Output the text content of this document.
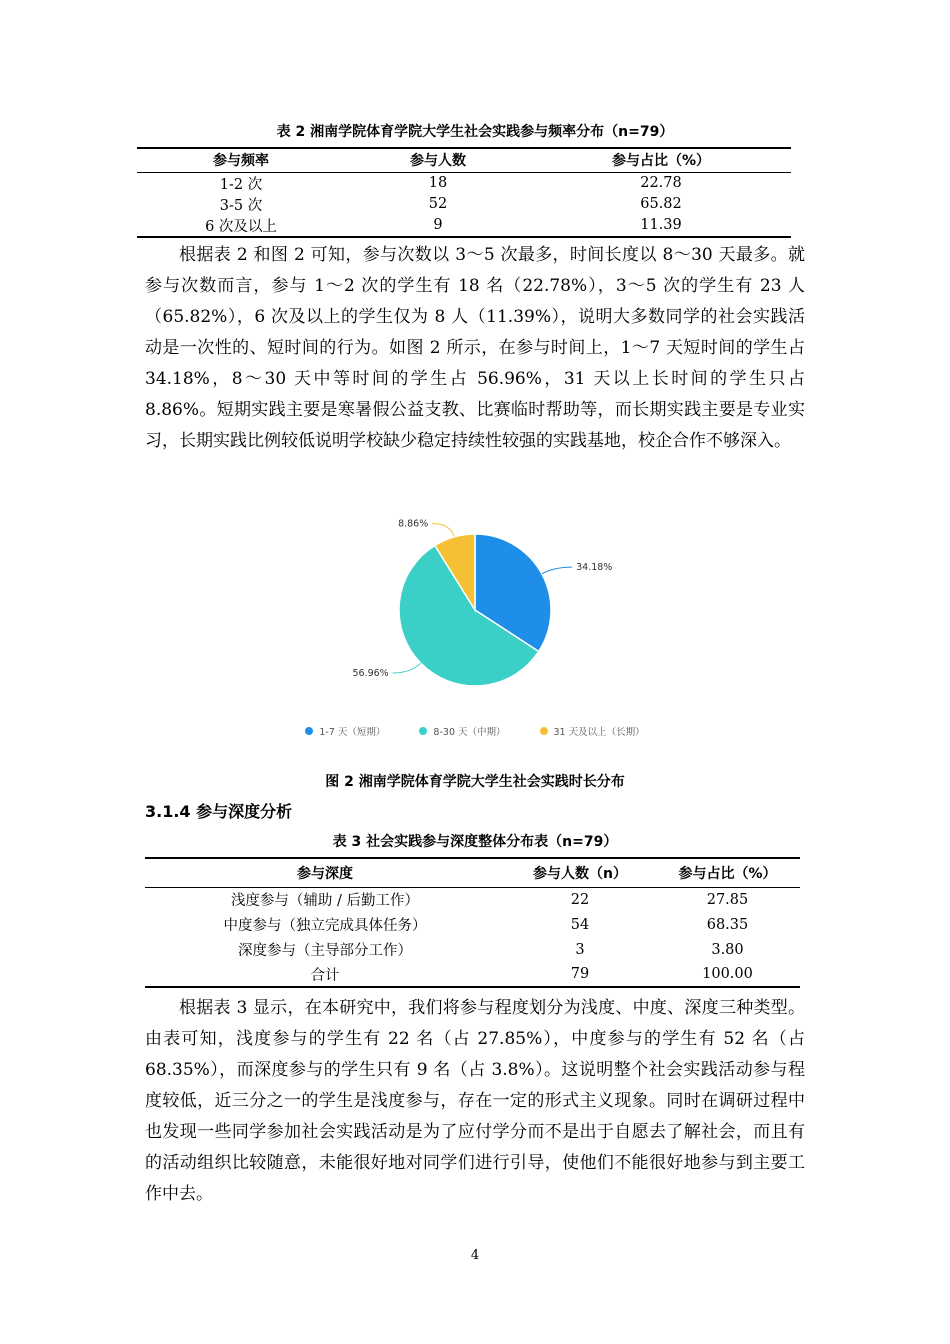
表 2 湘南学院体育学院大学生社会实践参与频率分布（n=79）
参与频率	参与人数	参与占比（%）
1-2 次	18	22.78
3-5 次	52	65.82
6 次及以上	9	11.39

根据表 2 和图 2 可知，参与次数以 3～5 次最多，时间长度以 8～30 天最多。就参与次数而言，参与 1～2 次的学生有 18 名（22.78%），3～5 次的学生有 23 人（65.82%），6 次及以上的学生仅为 8 人（11.39%），说明大多数同学的社会实践活动是一次性的、短时间的行为。如图 2 所示，在参与时间上，1～7 天短时间的学生占 34.18%，8～30 天中等时间的学生占 56.96%，31 天以上长时间的学生只占 8.86%。短期实践主要是寒暑假公益支教、比赛临时帮助等，而长期实践主要是专业实习，长期实践比例较低说明学校缺少稳定持续性较强的实践基地，校企合作不够深入。

34.18%
56.96%
8.86%
1-7 天（短期）	8-30 天（中期）	31 天及以上（长期）
图 2 湘南学院体育学院大学生社会实践时长分布
3.1.4 参与深度分析
表 3 社会实践参与深度整体分布表（n=79）
参与深度	参与人数（n）	参与占比（%）
浅度参与（辅助 / 后勤工作）	22	27.85
中度参与（独立完成具体任务）	54	68.35
深度参与（主导部分工作）	3	3.80
合计	79	100.00

根据表 3 显示，在本研究中，我们将参与程度划分为浅度、中度、深度三种类型。由表可知，浅度参与的学生有 22 名（占 27.85%），中度参与的学生有 52 名（占 68.35%），而深度参与的学生只有 9 名（占 3.8%）。这说明整个社会实践活动参与程度较低，近三分之一的学生是浅度参与，存在一定的形式主义现象。同时在调研过程中也发现一些同学参加社会实践活动是为了应付学分而不是出于自愿去了解社会，而且有的活动组织比较随意，未能很好地对同学们进行引导，使他们不能很好地参与到主要工作中去。

4
